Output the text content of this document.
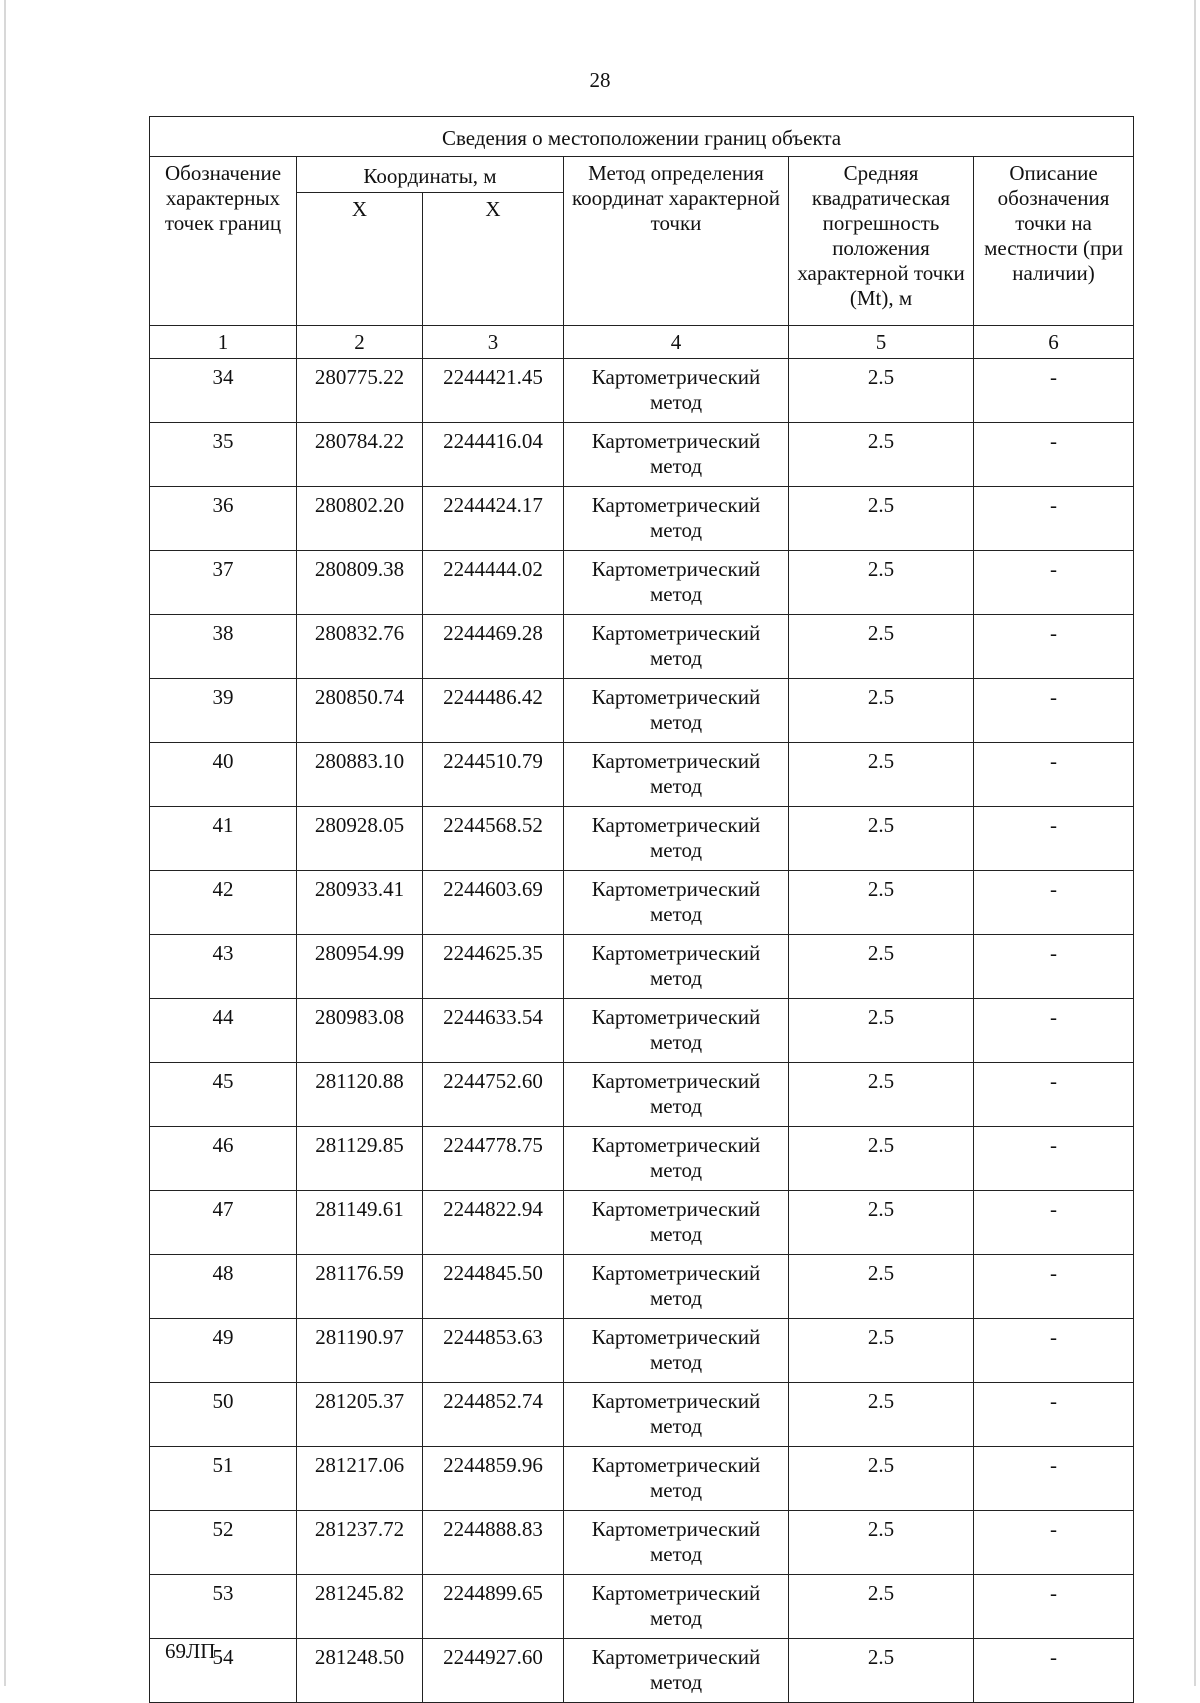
28
Сведения о местоположении границ объекта					
Обозначение характерных точек границ	Координаты, м		Метод определения координат характерной точки	Средняя квадратическая погрешность положения характерной точки (Mt), м	Описание обозначения точки на местности (при наличии)
	X	X			
1	2	3	4	5	6
34	280775.22	2244421.45	Картометрический метод	2.5	-
35	280784.22	2244416.04	Картометрический метод	2.5	-
36	280802.20	2244424.17	Картометрический метод	2.5	-
37	280809.38	2244444.02	Картометрический метод	2.5	-
38	280832.76	2244469.28	Картометрический метод	2.5	-
39	280850.74	2244486.42	Картометрический метод	2.5	-
40	280883.10	2244510.79	Картометрический метод	2.5	-
41	280928.05	2244568.52	Картометрический метод	2.5	-
42	280933.41	2244603.69	Картометрический метод	2.5	-
43	280954.99	2244625.35	Картометрический метод	2.5	-
44	280983.08	2244633.54	Картометрический метод	2.5	-
45	281120.88	2244752.60	Картометрический метод	2.5	-
46	281129.85	2244778.75	Картометрический метод	2.5	-
47	281149.61	2244822.94	Картометрический метод	2.5	-
48	281176.59	2244845.50	Картометрический метод	2.5	-
49	281190.97	2244853.63	Картометрический метод	2.5	-
50	281205.37	2244852.74	Картометрический метод	2.5	-
51	281217.06	2244859.96	Картометрический метод	2.5	-
52	281237.72	2244888.83	Картометрический метод	2.5	-
53	281245.82	2244899.65	Картометрический метод	2.5	-
54	281248.50	2244927.60	Картометрический метод	2.5	-
69ЛП
